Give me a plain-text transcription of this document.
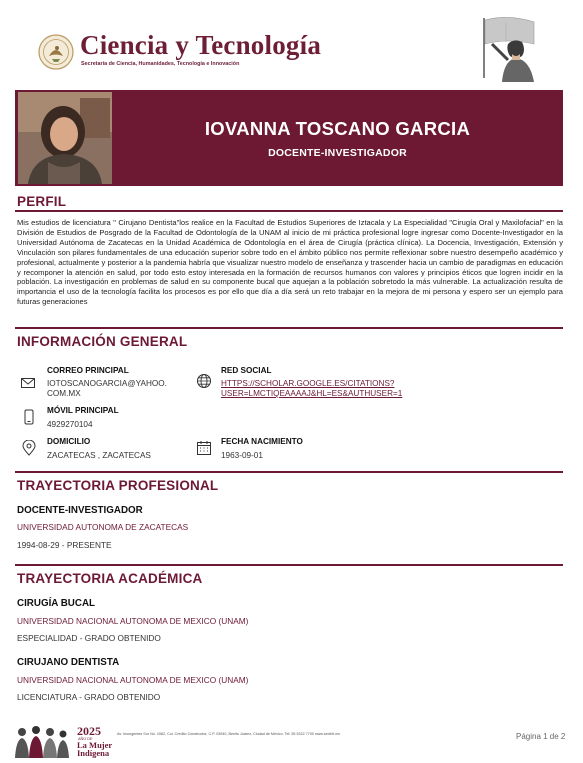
Ciencia y Tecnología
Secretaría de Ciencia, Humanidades, Tecnología e Innovación
IOVANNA TOSCANO GARCIA
DOCENTE-INVESTIGADOR
PERFIL
Mis estudios de licenciatura " Cirujano Dentista"los realice en la Facultad de Estudios Superiores de Iztacala y La Especialidad "Cirugía Oral y Maxilofacial" en la División de Estudios de Posgrado de la Facultad de Odontología de la UNAM al inicio de mi práctica profesional logre ingresar como Docente-Investigador en la Universidad Autónoma de Zacatecas en la Unidad Académica de Odontología en el área de Cirugía (práctica clínica). La Docencia, Investigación, Extensión y Vinculación son pilares fundamentales de una educación superior sobre todo en el ámbito público nos permite reflexionar sobre nuestro desempeño académico y profesional, actualmente y posterior a la pandemia habría que visualizar nuestro modelo de enseñanza y trascender hacia un cambio de paradigmas en educación y recomponer la atención en salud, por todo esto estoy interesada en la formación de recursos humanos con valores y principios éticos que logren incidir en la población. La investigación en problemas de salud en su componente bucal que aquejan a la población sobretodo la más vulnerable. La actualización resulta de importancia el uso de la tecnología facilita los procesos es por ello que día a día será un reto trabajar en la mejora de mi persona y espero ser un ejemplo para futuras generaciones
INFORMACIÓN GENERAL
CORREO PRINCIPAL
IOTOSCANOGARCIA@YAHOO.
COM.MX
RED SOCIAL
HTTPS://SCHOLAR.GOOGLE.ES/CITATIONS?
USER=LMCTIQEAAAAJ&HL=ES&AUTHUSER=1
MÓVIL PRINCIPAL
4929270104
DOMICILIO
ZACATECAS , ZACATECAS
FECHA NACIMIENTO
1963-09-01
TRAYECTORIA PROFESIONAL
DOCENTE-INVESTIGADOR
UNIVERSIDAD AUTONOMA DE ZACATECAS
1994-08-29 - PRESENTE
TRAYECTORIA ACADÉMICA
CIRUGÍA BUCAL
UNIVERSIDAD NACIONAL AUTONOMA DE MEXICO (UNAM)
ESPECIALIDAD - GRADO OBTENIDO
CIRUJANO DENTISTA
UNIVERSIDAD NACIONAL AUTONOMA DE MEXICO (UNAM)
LICENCIATURA - GRADO OBTENIDO
2025
AÑO DE
La Mujer
Indígena
Av. Insurgentes Sur No. 1582, Col. Crédito Constructor, C.P. 03940, Benito Juárez, Ciudad de México. Tel: 55 5322 7700 www.secihti.mx	Página 1 de 2
